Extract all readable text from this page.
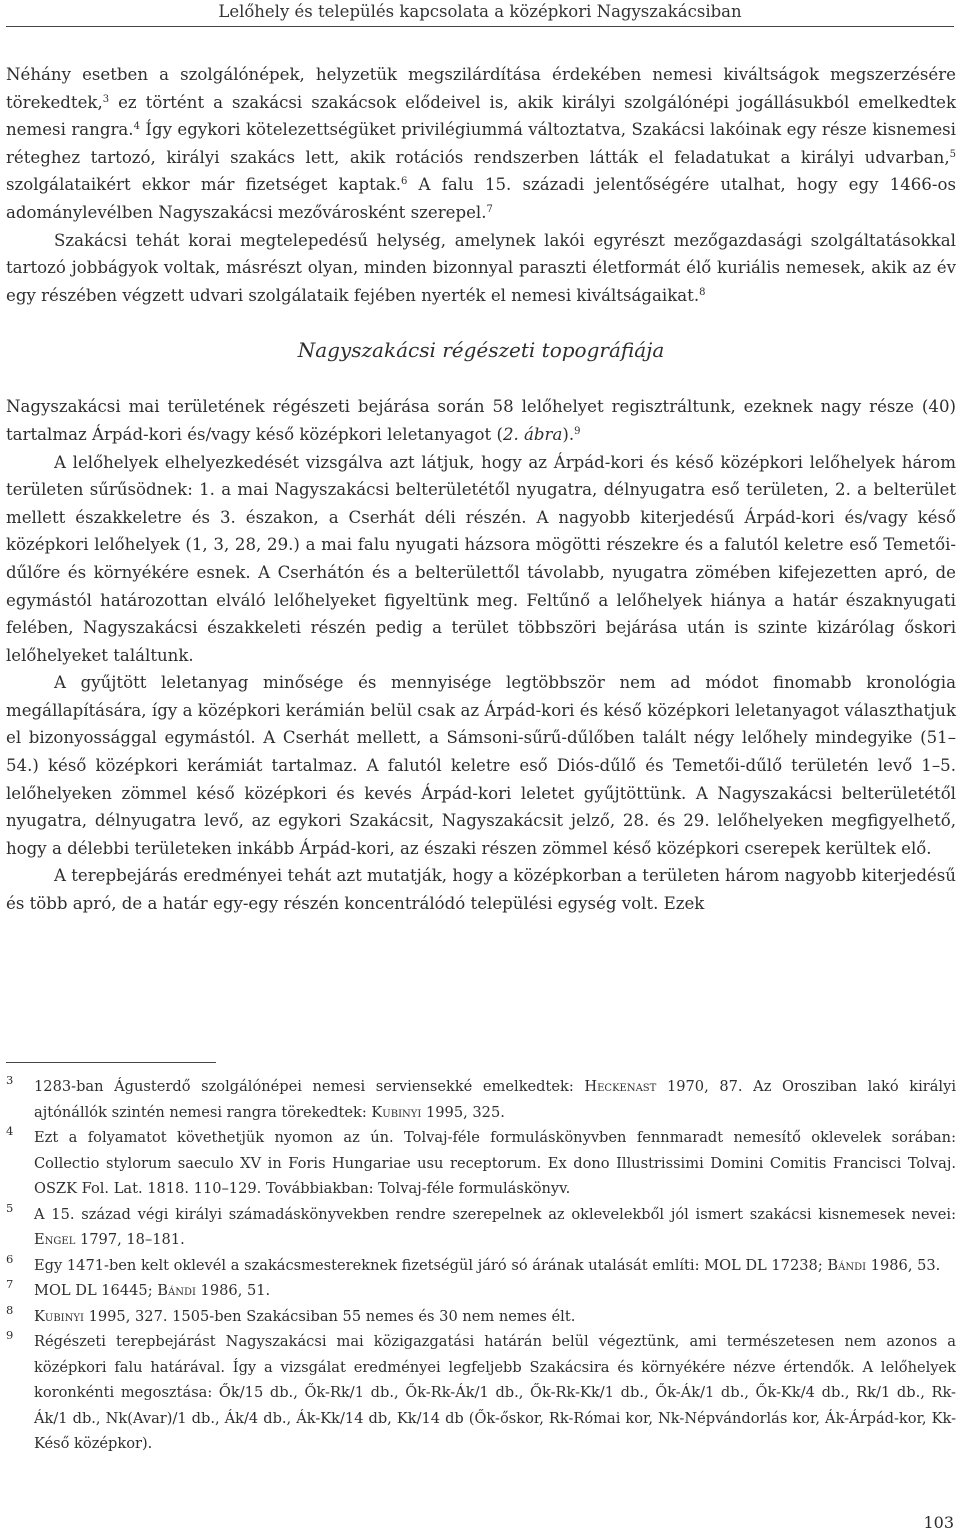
Lelőhely és település kapcsolata a középkori Nagyszakácsiban

Néhány esetben a szolgálónépek, helyzetük megszilárdítása érdekében nemesi kiváltságok megszerzésére törekedtek,$^3$ ez történt a szakácsi szakácsok elődeivel is, akik királyi szolgálónépi jogállásukból emelkedtek nemesi rangra.$^4$ Így egykori kötelezettségüket privilégiummá változtatva, Szakácsi lakóinak egy része kisnemesi réteghez tartozó, királyi szakács lett, akik rotációs rendszerben látták el feladatukat a királyi udvarban,$^5$ szolgálataikért ekkor már fizetséget kaptak.$^6$ A falu 15. századi jelentőségére utalhat, hogy egy 1466-os adománylevélben Nagyszakácsi mezővárosként szerepel.$^7$

Szakácsi tehát korai megtelepedésű helység, amelynek lakói egyrészt mezőgazdasági szolgáltatásokkal tartozó jobbágyok voltak, másrészt olyan, minden bizonnyal paraszti életformát élő kuriális nemesek, akik az év egy részében végzett udvari szolgálataik fejében nyerték el nemesi kiváltságaikat.$^8$

Nagyszakácsi régészeti topográfiája

Nagyszakácsi mai területének régészeti bejárása során 58 lelőhelyet regisztráltunk, ezeknek nagy része (40) tartalmaz Árpád-kori és/vagy késő középkori leletanyagot (2. ábra).$^9$

A lelőhelyek elhelyezkedését vizsgálva azt látjuk, hogy az Árpád-kori és késő középkori lelőhelyek három területen sűrűsödnek: 1. a mai Nagyszakácsi belterületétől nyugatra, délnyugatra eső területen, 2. a belterület mellett északkeletre és 3. északon, a Cserhát déli részén. A nagyobb kiterjedésű Árpád-kori és/vagy késő középkori lelőhelyek (1, 3, 28, 29.) a mai falu nyugati házsora mögötti részekre és a falutól keletre eső Temetői-dűlőre és környékére esnek. A Cserhátón és a belterülettől távolabb, nyugatra zömében kifejezetten apró, de egymástól határozottan elváló lelőhelyeket figyeltünk meg. Feltűnő a lelőhelyek hiánya a határ északnyugati felében, Nagyszakácsi északkeleti részén pedig a terület többszöri bejárása után is szinte kizárólag őskori lelőhelyeket találtunk.

A gyűjtött leletanyag minősége és mennyisége legtöbbször nem ad módot finomabb kronológia megállapítására, így a középkori kerámián belül csak az Árpád-kori és késő középkori leletanyagot választhatjuk el bizonyossággal egymástól. A Cserhát mellett, a Sámsoni-sűrű-dűlőben talált négy lelőhely mindegyike (51–54.) késő középkori kerámiát tartalmaz. A falutól keletre eső Diós-dűlő és Temetői-dűlő területén levő 1–5. lelőhelyeken zömmel késő középkori és kevés Árpád-kori leletet gyűjtöttünk. A Nagyszakácsi belterületétől nyugatra, délnyugatra levő, az egykori Szakácsit, Nagyszakácsit jelző, 28. és 29. lelőhelyeken megfigyelhető, hogy a délebbi területeken inkább Árpád-kori, az északi részen zömmel késő középkori cserepek kerültek elő.

A terepbejárás eredményei tehát azt mutatják, hogy a középkorban a területen három nagyobb kiterjedésű és több apró, de a határ egy-egy részén koncentrálódó települési egység volt. Ezek

3 1283-ban Águsterdő szolgálónépei nemesi serviensekké emelkedtek: Heckenast 1970, 87. Az Orosziban lakó királyi ajtónállók szintén nemesi rangra törekedtek: Kubinyi 1995, 325.

4 Ezt a folyamatot követhetjük nyomon az ún. Tolvaj-féle formuláskönyvben fennmaradt nemesítő oklevelek sorában: Collectio stylorum saeculo XV in Foris Hungariae usu receptorum. Ex dono Illustrissimi Domini Comitis Francisci Tolvaj. OSZK Fol. Lat. 1818. 110–129. Továbbiakban: Tolvaj-féle formuláskönyv.

5 A 15. század végi királyi számadáskönyvekben rendre szerepelnek az oklevelekből jól ismert szakácsi kisnemesek nevei: Engel 1797, 18–181.

6 Egy 1471-ben kelt oklevél a szakácsmestereknek fizetségül járó só árának utalását említi: MOL DL 17238; Bándi 1986, 53.

7 MOL DL 16445; Bándi 1986, 51.

8 Kubinyi 1995, 327. 1505-ben Szakácsiban 55 nemes és 30 nem nemes élt.

9 Régészeti terepbejárást Nagyszakácsi mai közigazgatási határán belül végeztünk, ami természetesen nem azonos a középkori falu határával. Így a vizsgálat eredményei legfeljebb Szakácsira és környékére nézve értendők. A lelőhelyek koronkénti megosztása: Ők/15 db., Ők-Rk/1 db., Ők-Rk-Ák/1 db., Ők-Rk-Kk/1 db., Ők-Ák/1 db., Ők-Kk/4 db., Rk/1 db., Rk-Ák/1 db., Nk(Avar)/1 db., Ák/4 db., Ák-Kk/14 db, Kk/14 db (Ők-őskor, Rk-Római kor, Nk-Népvándorlás kor, Ák-Árpád-kor, Kk-Késő középkor).

103
